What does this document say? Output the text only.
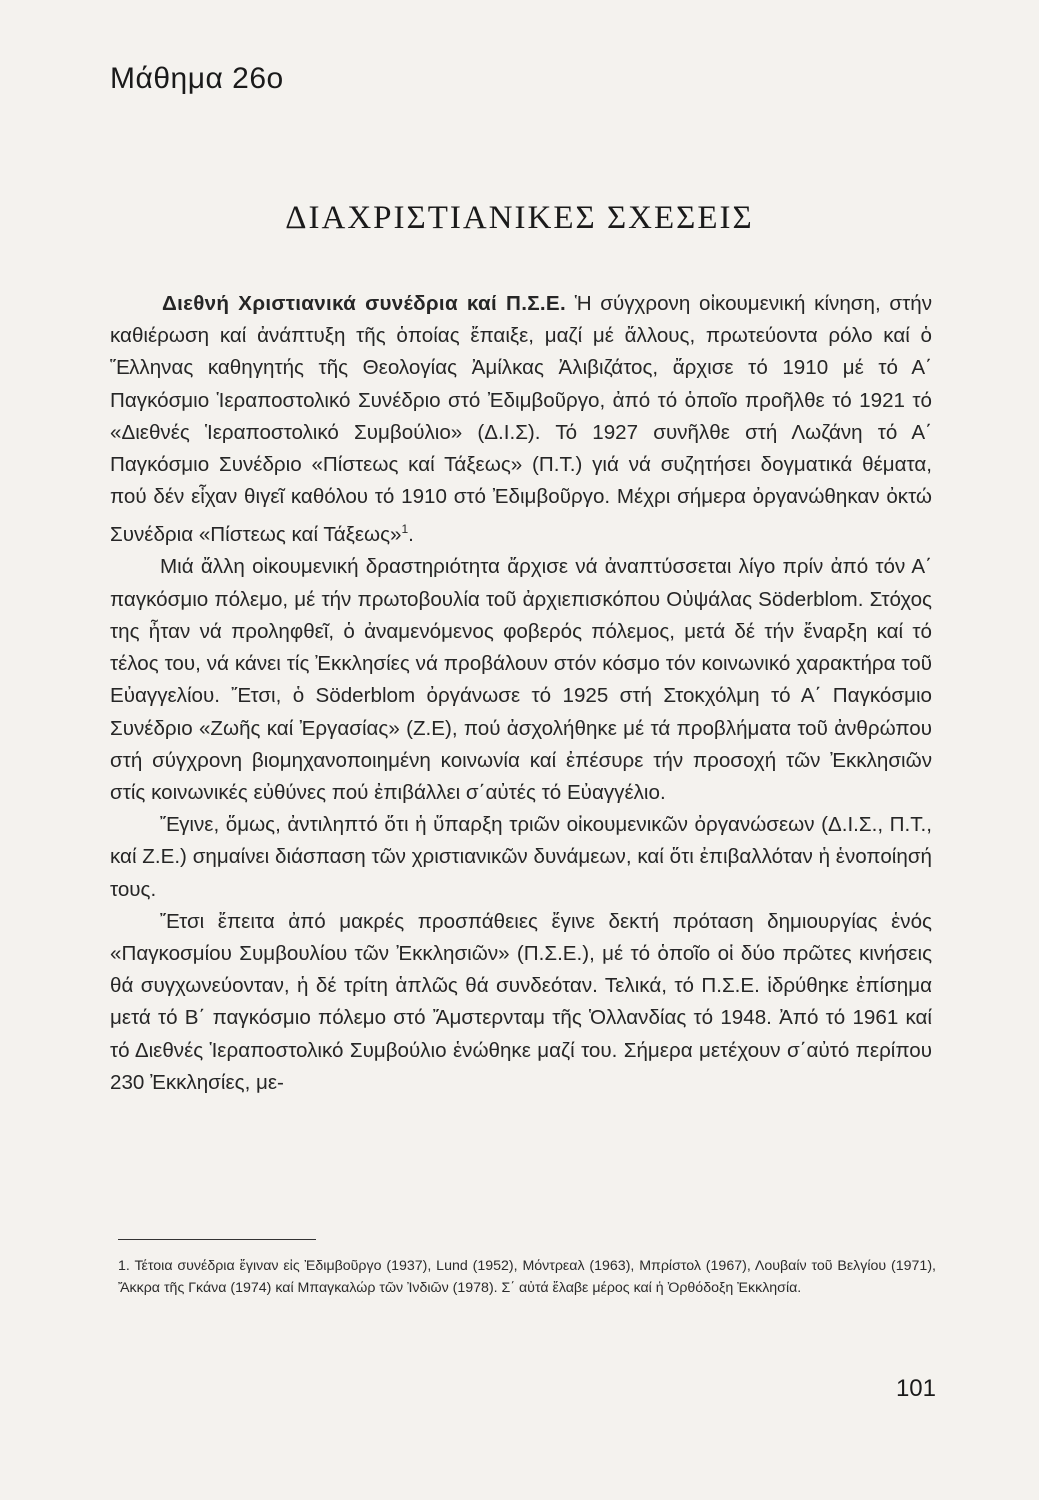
Μάθημα 26ο
ΔΙΑΧΡΙΣΤΙΑΝΙΚΕΣ ΣΧΕΣΕΙΣ

Διεθνή Χριστιανικά συνέδρια καί Π.Σ.Ε. Ἡ σύγχρονη οἰκουμενική κίνηση, στήν καθιέρωση καί ἀνάπτυξη τῆς ὁποίας ἔπαιξε, μαζί μέ ἄλλους, πρωτεύοντα ρόλο καί ὁ Ἕλληνας καθηγητής τῆς Θεολογίας Ἀμίλκας Ἀλιβιζάτος, ἄρχισε τό 1910 μέ τό Α΄ Παγκόσμιο Ἱεραποστολικό Συνέδριο στό Ἐδιμβοῦργο, ἀπό τό ὁποῖο προῆλθε τό 1921 τό «Διεθνές Ἱεραποστολικό Συμβούλιο» (Δ.Ι.Σ). Τό 1927 συνῆλθε στή Λωζάνη τό Α΄ Παγκόσμιο Συνέδριο «Πίστεως καί Τάξεως» (Π.Τ.) γιά νά συζητήσει δογματικά θέματα, πού δέν εἶχαν θιγεῖ καθόλου τό 1910 στό Ἐδιμβοῦργο. Μέχρι σήμερα ὀργανώθηκαν ὀκτώ Συνέδρια «Πίστεως καί Τάξεως»$^1$.

Μιά ἄλλη οἰκουμενική δραστηριότητα ἄρχισε νά ἀναπτύσσεται λίγο πρίν ἀπό τόν Α΄ παγκόσμιο πόλεμο, μέ τήν πρωτοβουλία τοῦ ἀρχιεπισκόπου Οὐψάλας Söderblom. Στόχος της ἦταν νά προληφθεῖ, ὁ ἀναμενόμενος φοβερός πόλεμος, μετά δέ τήν ἔναρξη καί τό τέλος του, νά κάνει τίς Ἐκκλησίες νά προβάλουν στόν κόσμο τόν κοινωνικό χαρακτήρα τοῦ Εὐαγγελίου. Ἔτσι, ὁ Söderblom ὀργάνωσε τό 1925 στή Στοκχόλμη τό Α΄ Παγκόσμιο Συνέδριο «Ζωῆς καί Ἐργασίας» (Ζ.Ε), πού ἀσχολήθηκε μέ τά προβλήματα τοῦ ἀνθρώπου στή σύγχρονη βιομηχανοποιημένη κοινωνία καί ἐπέσυρε τήν προσοχή τῶν Ἐκκλησιῶν στίς κοινωνικές εὐθύνες πού ἐπιβάλλει σ΄αὐτές τό Εὐαγγέλιο.

Ἔγινε, ὅμως, ἀντιληπτό ὅτι ἡ ὕπαρξη τριῶν οἰκουμενικῶν ὀργανώσεων (Δ.Ι.Σ., Π.Τ., καί Ζ.Ε.) σημαίνει διάσπαση τῶν χριστιανικῶν δυνάμεων, καί ὅτι ἐπιβαλλόταν ἡ ἑνοποίησή τους.

Ἔτσι ἔπειτα ἀπό μακρές προσπάθειες ἔγινε δεκτή πρόταση δημιουργίας ἑνός «Παγκοσμίου Συμβουλίου τῶν Ἐκκλησιῶν» (Π.Σ.Ε.), μέ τό ὁποῖο οἱ δύο πρῶτες κινήσεις θά συγχωνεύονταν, ἡ δέ τρίτη ἁπλῶς θά συνδεόταν. Τελικά, τό Π.Σ.Ε. ἱδρύθηκε ἐπίσημα μετά τό Β΄ παγκόσμιο πόλεμο στό Ἄμστερνταμ τῆς Ὁλλανδίας τό 1948. Ἀπό τό 1961 καί τό Διεθνές Ἱεραποστολικό Συμβούλιο ἑνώθηκε μαζί του. Σήμερα μετέχουν σ΄αὐτό περίπου 230 Ἐκκλησίες, με-

1. Τέτοια συνέδρια ἔγιναν εἰς Ἐδιμβοῦργο (1937), Lund (1952), Μόντρεαλ (1963), Μπρίστολ (1967), Λουβαίν τοῦ Βελγίου (1971), Ἄκκρα τῆς Γκάνα (1974) καί Μπαγκαλώρ τῶν Ἰνδιῶν (1978). Σ΄ αὐτά ἔλαβε μέρος καί ἡ Ὀρθόδοξη Ἐκκλησία.

101
